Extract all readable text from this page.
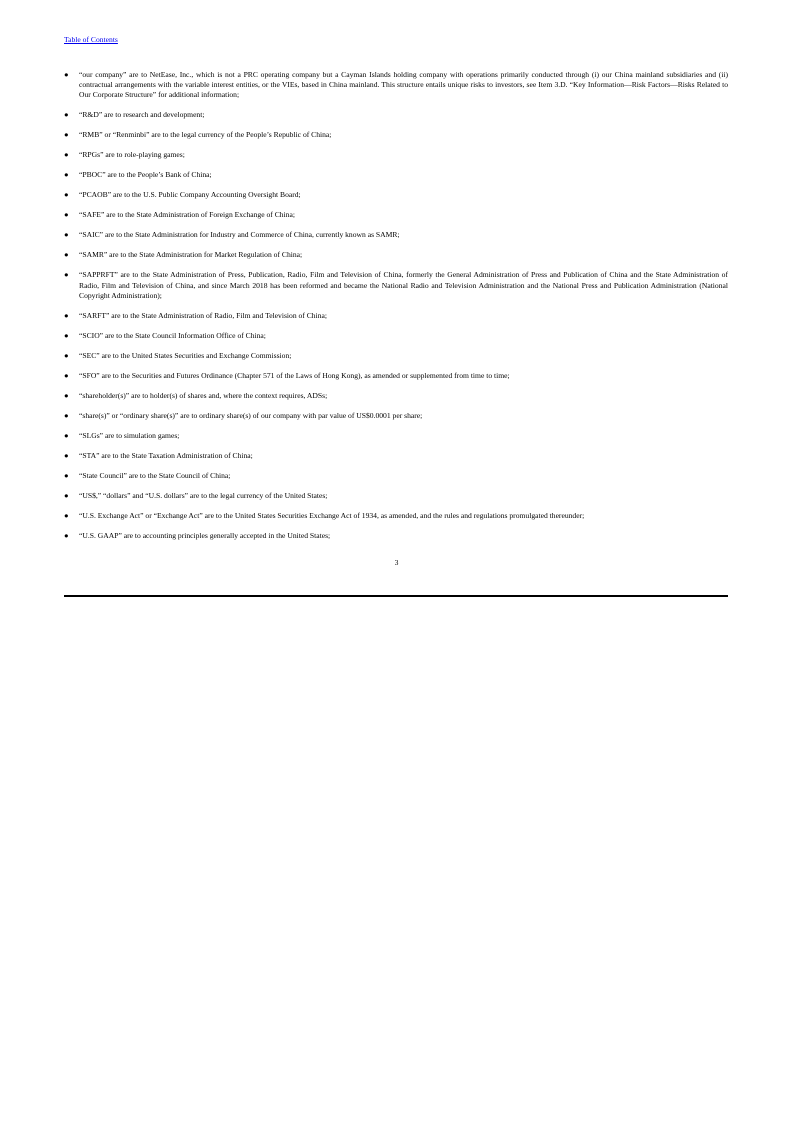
Table of Contents
● “our company” are to NetEase, Inc., which is not a PRC operating company but a Cayman Islands holding company with operations primarily conducted through (i) our China mainland subsidiaries and (ii) contractual arrangements with the variable interest entities, or the VIEs, based in China mainland. This structure entails unique risks to investors, see Item 3.D. “Key Information—Risk Factors—Risks Related to Our Corporate Structure” for additional information;
● “R&D” are to research and development;
● “RMB” or “Renminbi” are to the legal currency of the People’s Republic of China;
● “RPGs” are to role-playing games;
● “PBOC” are to the People’s Bank of China;
● “PCAOB” are to the U.S. Public Company Accounting Oversight Board;
● “SAFE” are to the State Administration of Foreign Exchange of China;
● “SAIC” are to the State Administration for Industry and Commerce of China, currently known as SAMR;
● “SAMR” are to the State Administration for Market Regulation of China;
● “SAPPRFT” are to the State Administration of Press, Publication, Radio, Film and Television of China, formerly the General Administration of Press and Publication of China and the State Administration of Radio, Film and Television of China, and since March 2018 has been reformed and became the National Radio and Television Administration and the National Press and Publication Administration (National Copyright Administration);
● “SARFT” are to the State Administration of Radio, Film and Television of China;
● “SCIO” are to the State Council Information Office of China;
● “SEC” are to the United States Securities and Exchange Commission;
● “SFO” are to the Securities and Futures Ordinance (Chapter 571 of the Laws of Hong Kong), as amended or supplemented from time to time;
● “shareholder(s)” are to holder(s) of shares and, where the context requires, ADSs;
● “share(s)” or “ordinary share(s)” are to ordinary share(s) of our company with par value of US$0.0001 per share;
● “SLGs” are to simulation games;
● “STA” are to the State Taxation Administration of China;
● “State Council” are to the State Council of China;
● “US$,” “dollars” and “U.S. dollars” are to the legal currency of the United States;
● “U.S. Exchange Act” or “Exchange Act” are to the United States Securities Exchange Act of 1934, as amended, and the rules and regulations promulgated thereunder;
● “U.S. GAAP” are to accounting principles generally accepted in the United States;
3
